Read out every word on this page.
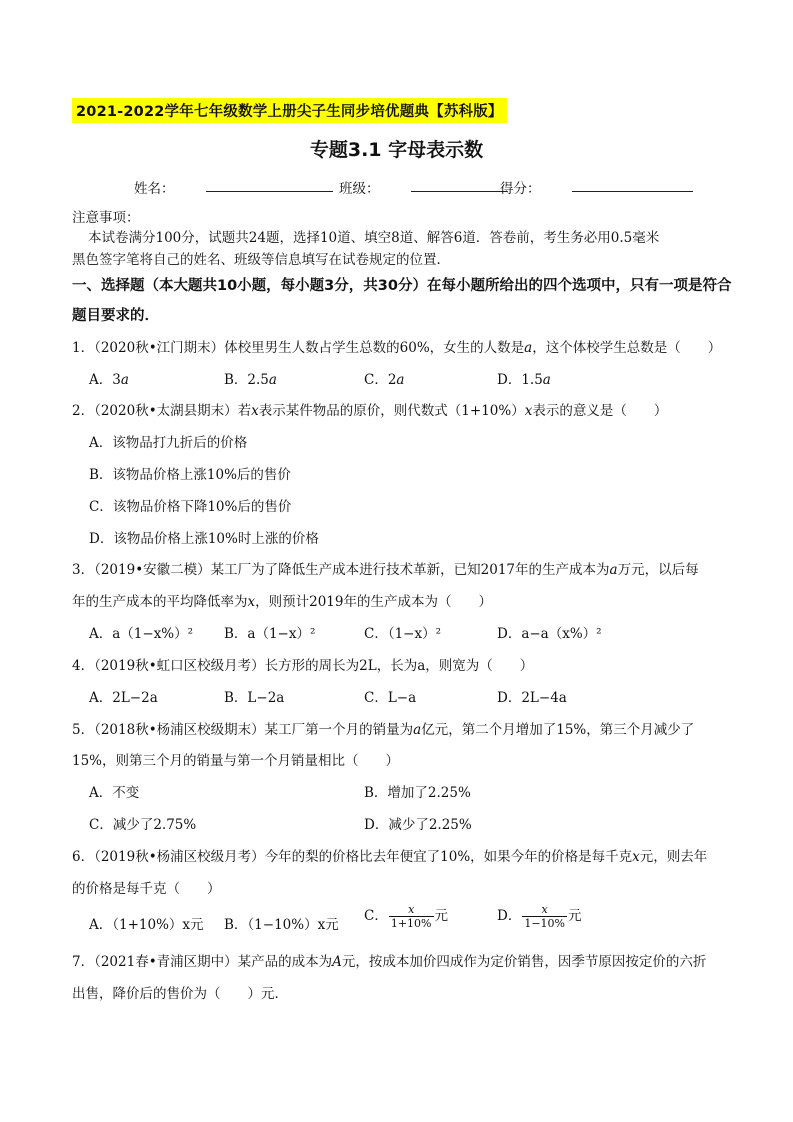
2021-2022学年七年级数学上册尖子生同步培优题典【苏科版】
专题3.1 字母表示数
姓名：	班级：	得分：
注意事项：
本试卷满分100分，试题共24题，选择10道、填空8道、解答6道．答卷前，考生务必用0.5毫米
黑色签字笔将自己的姓名、班级等信息填写在试卷规定的位置．
一、选择题（本大题共10小题，每小题3分，共30分）在每小题所给出的四个选项中，只有一项是符合
题目要求的．
1．（2020秋•江门期末）体校里男生人数占学生总数的60%，女生的人数是a，这个体校学生总数是（　　）
A．3a	B．2.5a	C．2a	D．1.5a
2．（2020秋•太湖县期末）若x表示某件物品的原价，则代数式（1+10%）x表示的意义是（　　）
A．该物品打九折后的价格
B．该物品价格上涨10%后的售价
C．该物品价格下降10%后的售价
D．该物品价格上涨10%时上涨的价格
3．（2019•安徽二模）某工厂为了降低生产成本进行技术革新，已知2017年的生产成本为a万元，以后每
年的生产成本的平均降低率为x，则预计2019年的生产成本为（　　）
A．a（1−x%）² B．a（1−x）²	C．（1−x）²	D．a−a（x%）²
4．（2019秋•虹口区校级月考）长方形的周长为2L，长为a，则宽为（　　）
A．2L−2a	B．L−2a	C．L−a	D．2L−4a
5．（2018秋•杨浦区校级期末）某工厂第一个月的销量为a亿元，第二个月增加了15%，第三个月减少了
15%，则第三个月的销量与第一个月销量相比（　　）
A．不变	B．增加了2.25%
C．减少了2.75%	D．减少了2.25%
6．（2019秋•杨浦区校级月考）今年的梨的价格比去年便宜了10%，如果今年的价格是每千克x元，则去年
的价格是每千克（　　）
A．（1+10%）x元 B．（1−10%）x元
C． $\frac{x}{1+10\%}$ 元	D． $\frac{x}{1-10\%}$ 元
7．（2021春•青浦区期中）某产品的成本为A元，按成本加价四成作为定价销售，因季节原因按定价的六折
出售，降价后的售价为（　　）元．
